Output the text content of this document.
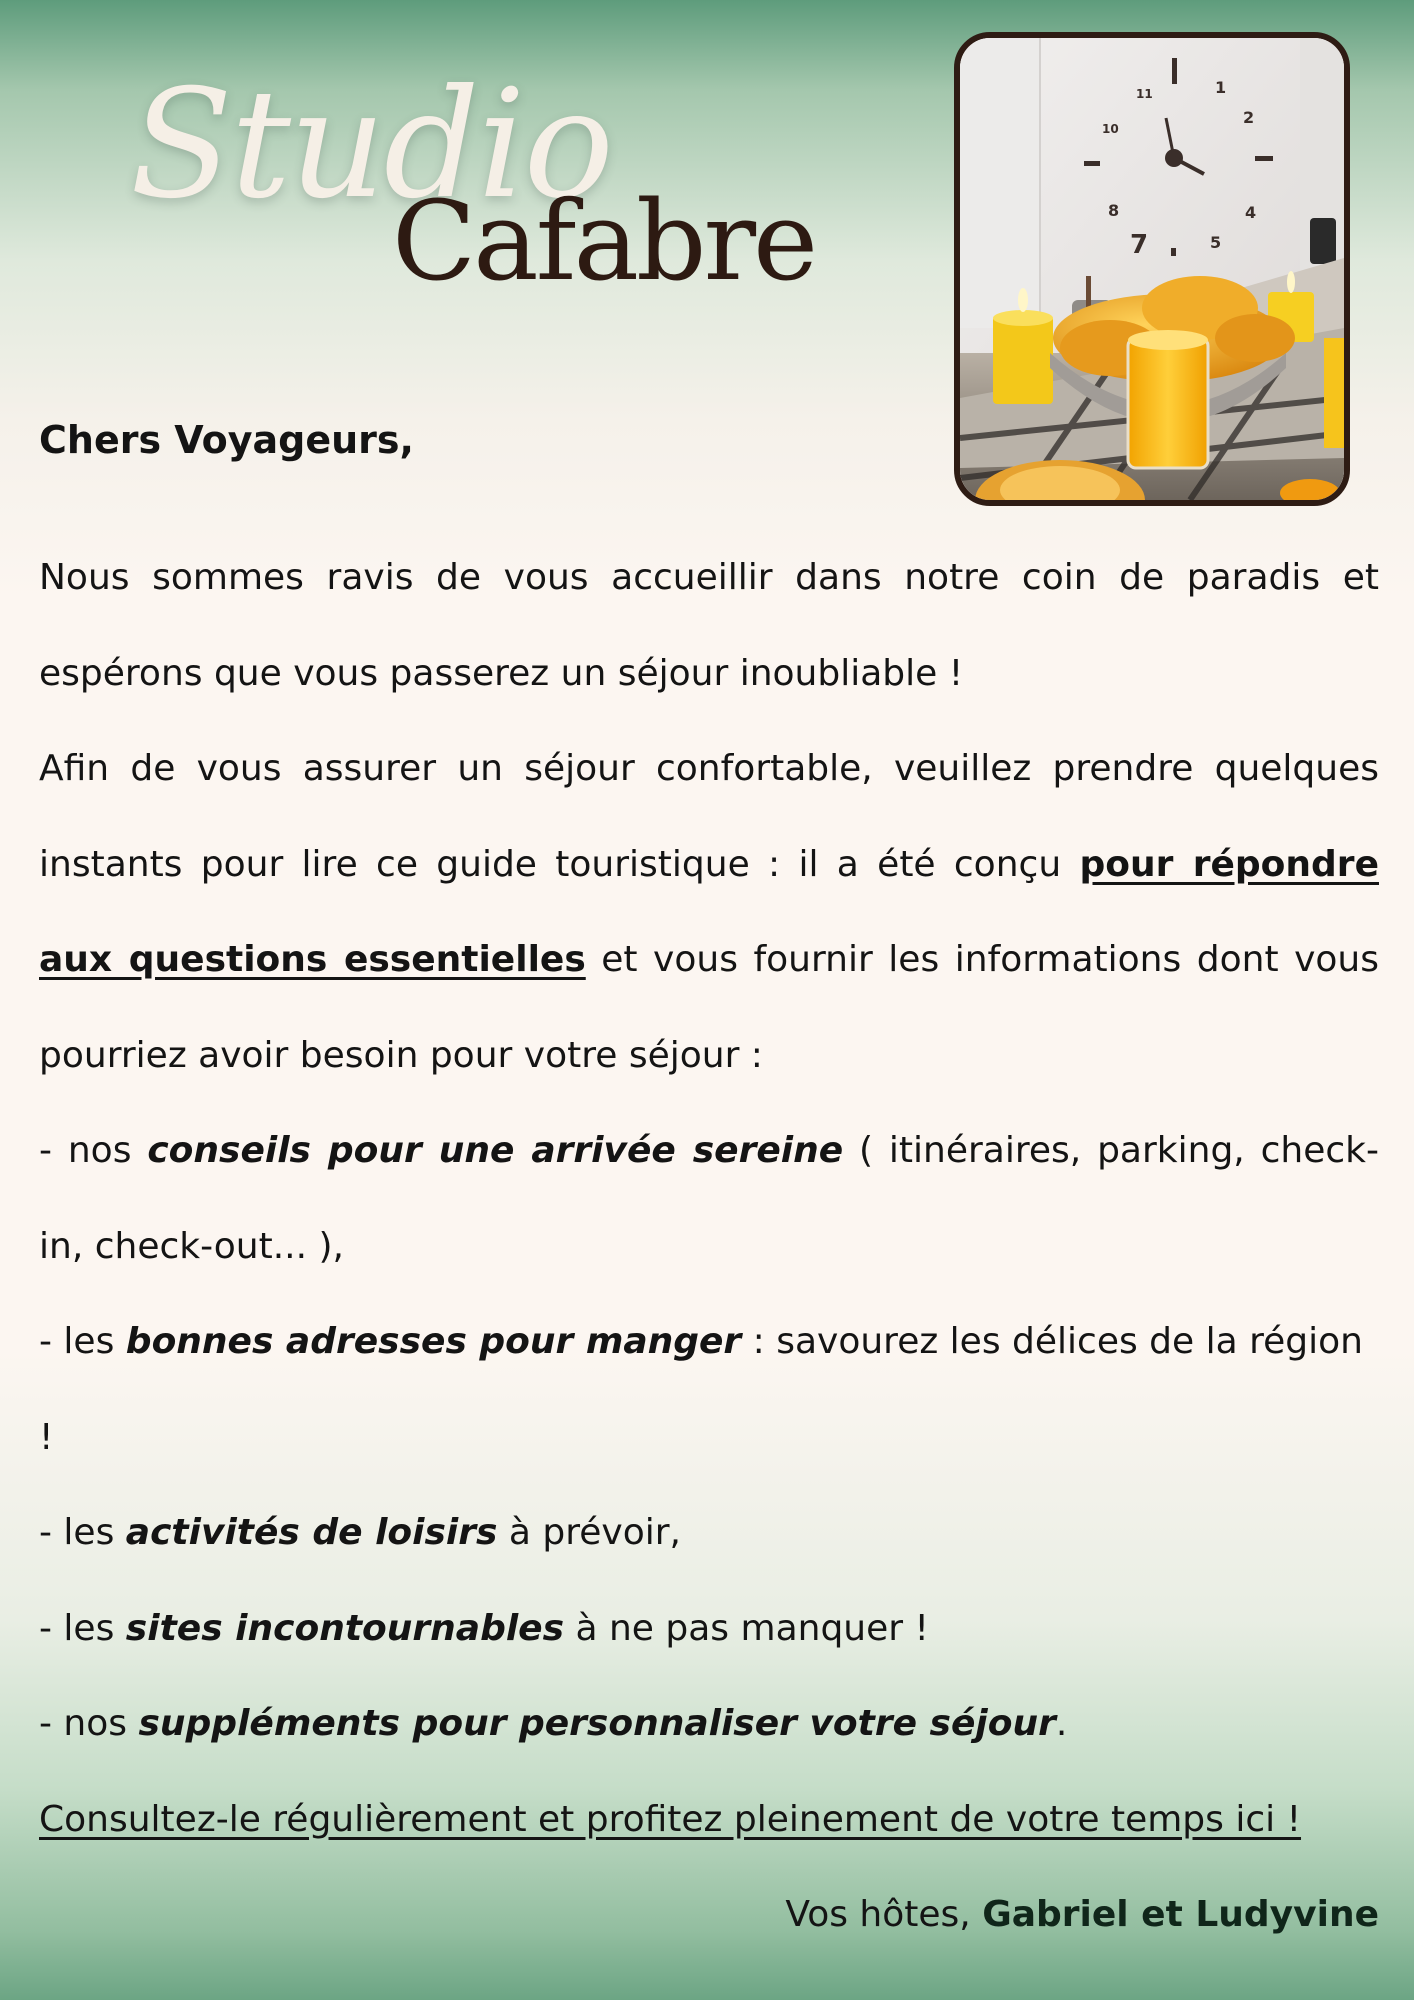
Studio
Cafabre
1
2
4
5
7
8
10
11
Chers Voyageurs,

Nous sommes ravis de vous accueillir dans notre coin de paradis et espérons que vous passerez un séjour inoubliable !

Afin de vous assurer un séjour confortable, veuillez prendre quelques instants pour lire ce guide touristique : il a été conçu pour répondre aux questions essentielles et vous fournir les informations dont vous pourriez avoir besoin pour votre séjour :

- nos conseils pour une arrivée sereine ( itinéraires, parking, check-in, check-out... ),

- les bonnes adresses pour manger : savourez les délices de la région !

- les activités de loisirs à prévoir,

- les sites incontournables à ne pas manquer !

- nos suppléments pour personnaliser votre séjour.

Consultez-le régulièrement et profitez pleinement de votre temps ici !

Vos hôtes, Gabriel et Ludyvine
